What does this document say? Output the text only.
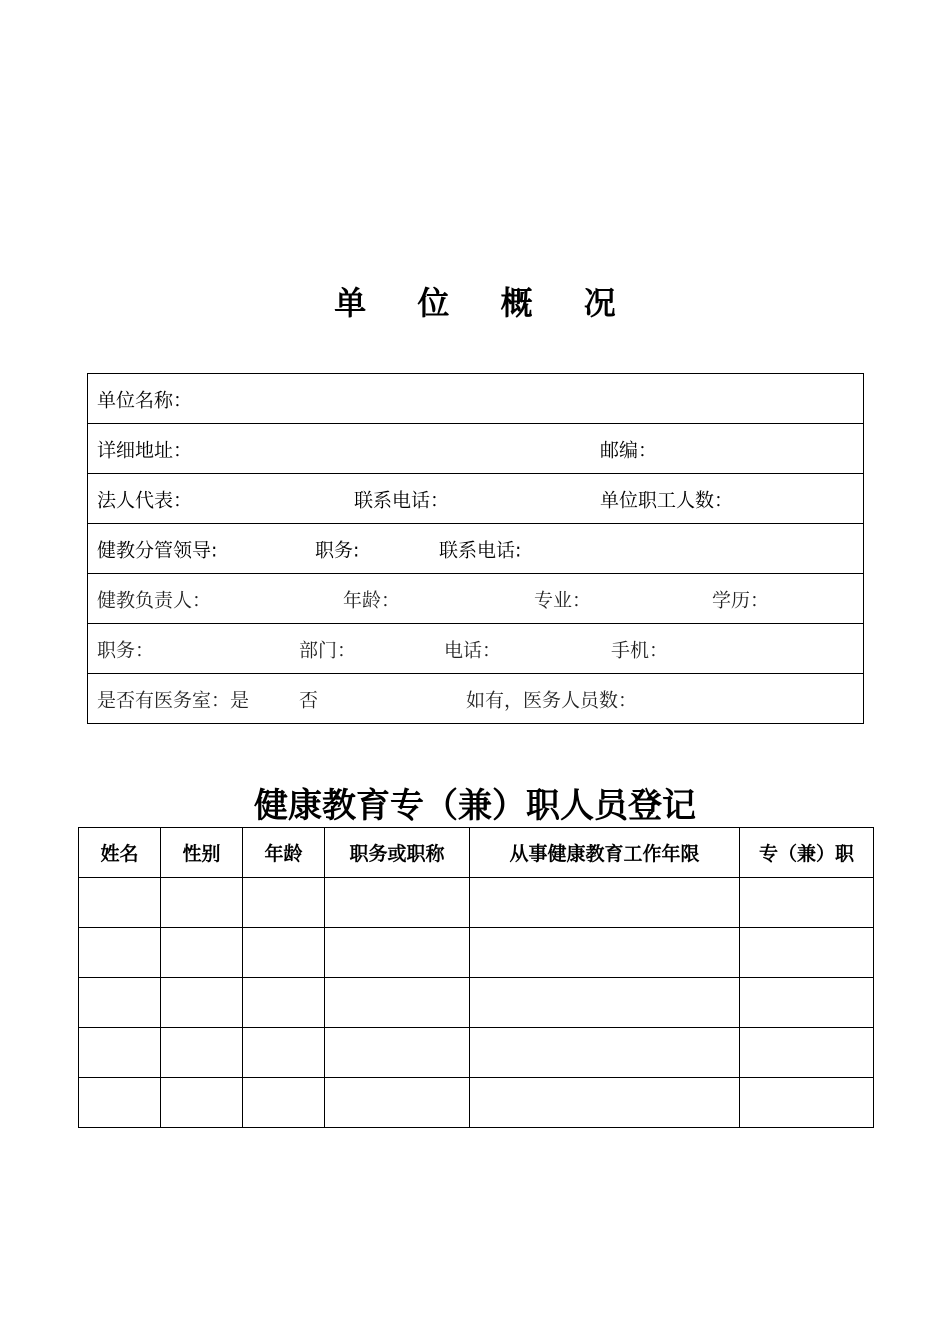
单 位 概 况
单位名称：

详细地址：	邮编：

法人代表：	联系电话：	单位职工人数：

健教分管领导:	职务:	联系电话:

健教负责人：	年龄：	专业：	学历：

职务：	部门：	电话：	手机：

是否有医务室：是	否	如有，医务人员数：
健康教育专（兼）职人员登记
姓名	性别	年龄	职务或职称	从事健康教育工作年限	专（兼）职
